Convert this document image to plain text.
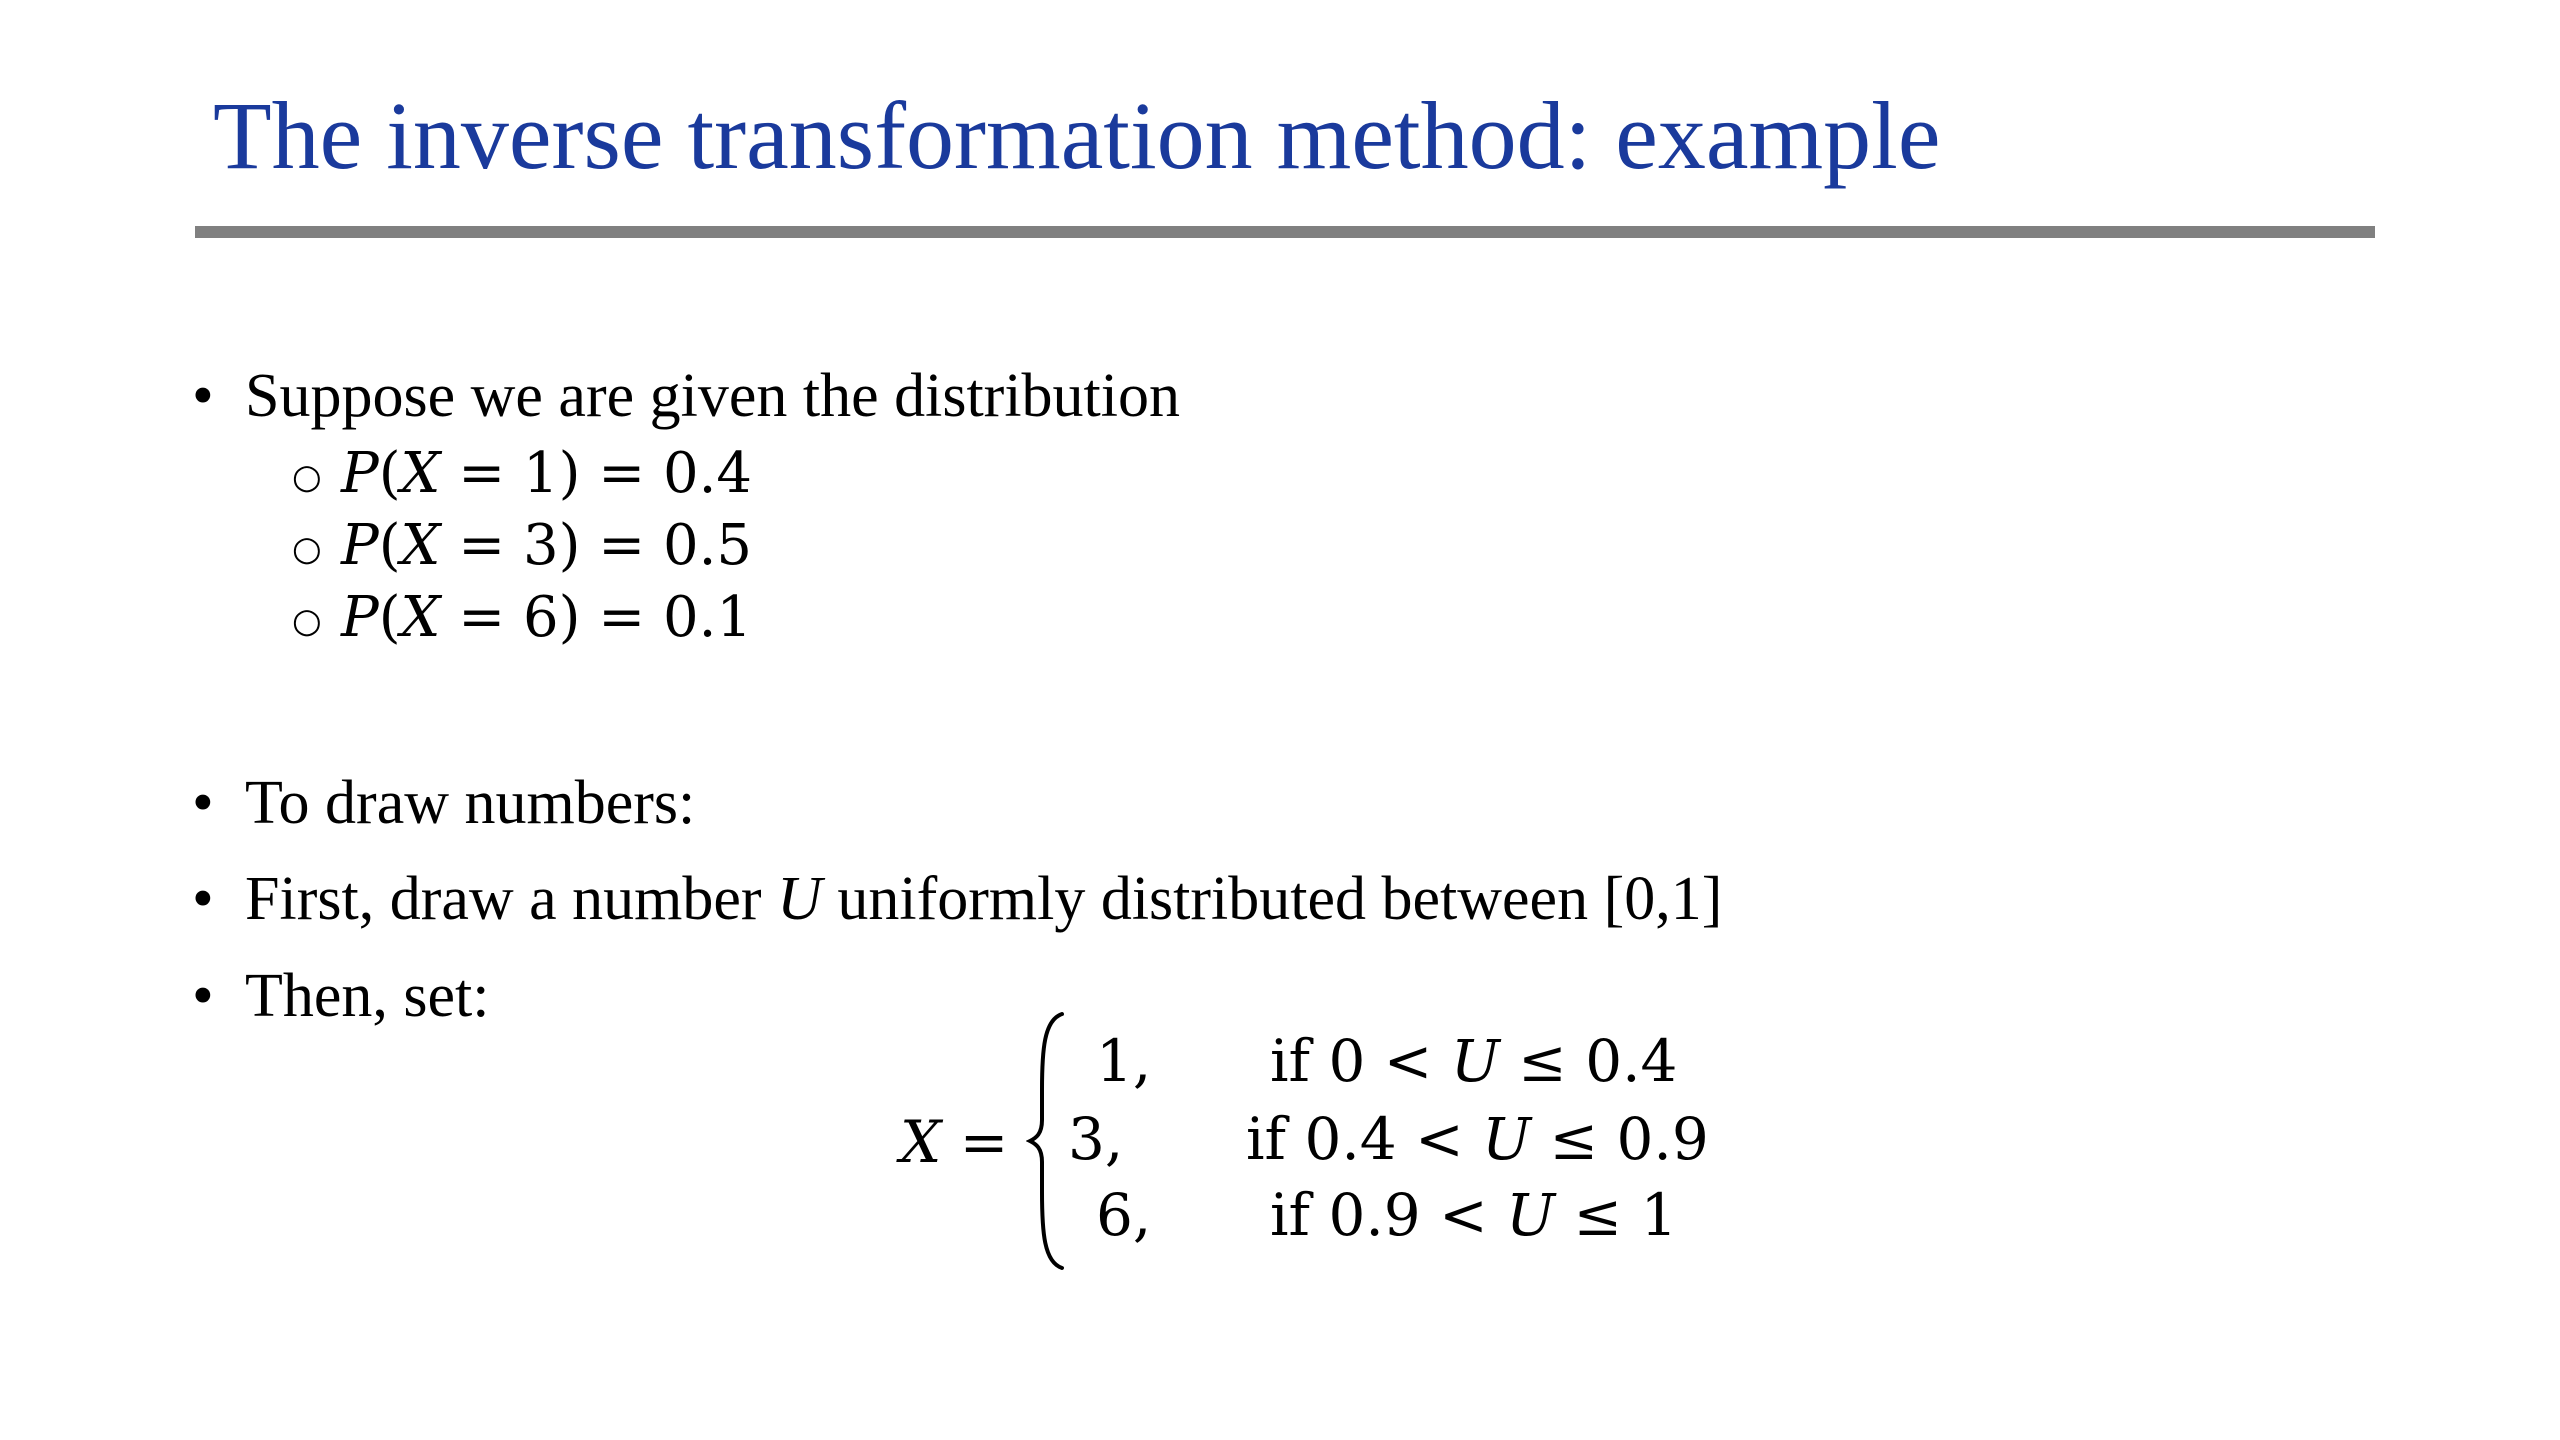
The inverse transformation method: example
• Suppose we are given the distribution
○ P(X = 1) = 0.4
○ P(X = 3) = 0.5
○ P(X = 6) = 0.1
• To draw numbers:
• First, draw a number U uniformly distributed between [0,1]
• Then, set:
X =
1, if 0 < U ≤ 0.4
3, if 0.4 < U ≤ 0.9
6, if 0.9 < U ≤ 1
